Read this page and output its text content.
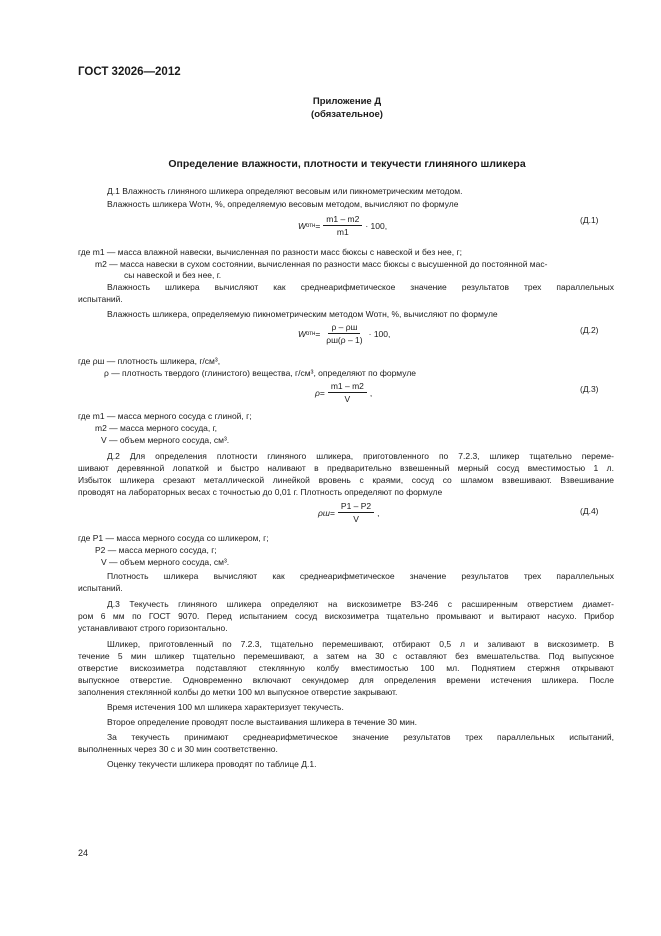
ГОСТ 32026—2012
Приложение Д
(обязательное)
Определение влажности, плотности и текучести глиняного шликера
Д.1 Влажность глиняного шликера определяют весовым или пикнометрическим методом.
Влажность шликера Wотн, %, определяемую весовым методом, вычисляют по формуле
W отн = $\frac{m1 - m2}{m1} \cdot 100$,
(Д.1)
где m1 — масса влажной навески, вычисленная по разности масс бюксы с навеской и без нее, г;
m2 — масса навески в сухом состоянии, вычисленная по разности масс бюксы с высушенной до постоянной мас-
сы навеской и без нее, г.
Влажность шликера вычисляют как среднеарифметическое значение результатов трех параллельных
испытаний.
Влажность шликера, определяемую пикнометрическим методом Wотн, %, вычисляют по формуле
W отн = $\frac{\rho - \rho ш}{\rho ш(\rho - 1)} \cdot 100$,	(Д.2)
где ρш — плотность шликера, г/см³,
ρ — плотность твердого (глинистого) вещества, г/см³, определяют по формуле
$\rho = \frac{m1 - m2}{V}$ ,	(Д.3)
где m1 — масса мерного сосуда с глиной, г;
m2 — масса мерного сосуда, г,
V — объем мерного сосуда, см³.
Д.2 Для определения плотности глиняного шликера, приготовленного по 7.2.3, шликер тщательно переме-
шивают деревянной лопаткой и быстро наливают в предварительно взвешенный мерный сосуд вместимостью 1 л.
Избыток шликера срезают металлической линейкой вровень с краями, сосуд со шламом взвешивают. Взвешивание
проводят на лабораторных весах с точностью до 0,01 г. Плотность определяют по формуле
$\rho ш = \frac{P1 - P2}{V}$ ,	(Д.4)
где P1 — масса мерного сосуда со шликером, г;
P2 — масса мерного сосуда, г;
V — объем мерного сосуда, см³.
Плотность шликера вычисляют как среднеарифметическое значение результатов трех параллельных
испытаний.
Д.3 Текучесть глиняного шликера определяют на вискозиметре ВЗ-246 с расширенным отверстием диамет-
ром 6 мм по ГОСТ 9070. Перед испытанием сосуд вискозиметра тщательно промывают и вытирают насухо. Прибор
устанавливают строго горизонтально.
Шликер, приготовленный по 7.2.3, тщательно перемешивают, отбирают 0,5 л и заливают в вискозиметр. В
течение 5 мин шликер тщательно перемешивают, а затем на 30 с оставляют без вмешательства. Под выпускное
отверстие вискозиметра подставляют стеклянную колбу вместимостью 100 мл. Поднятием стержня открывают
выпускное отверстие. Одновременно включают секундомер для определения времени истечения шликера. После
заполнения стеклянной колбы до метки 100 мл выпускное отверстие закрывают.
Время истечения 100 мл шликера характеризует текучесть.
Второе определение проводят после выстаивания шликера в течение 30 мин.
За текучесть принимают среднеарифметическое значение результатов трех параллельных испытаний,
выполненных через 30 с и 30 мин соответственно.
Оценку текучести шликера проводят по таблице Д.1.
24
